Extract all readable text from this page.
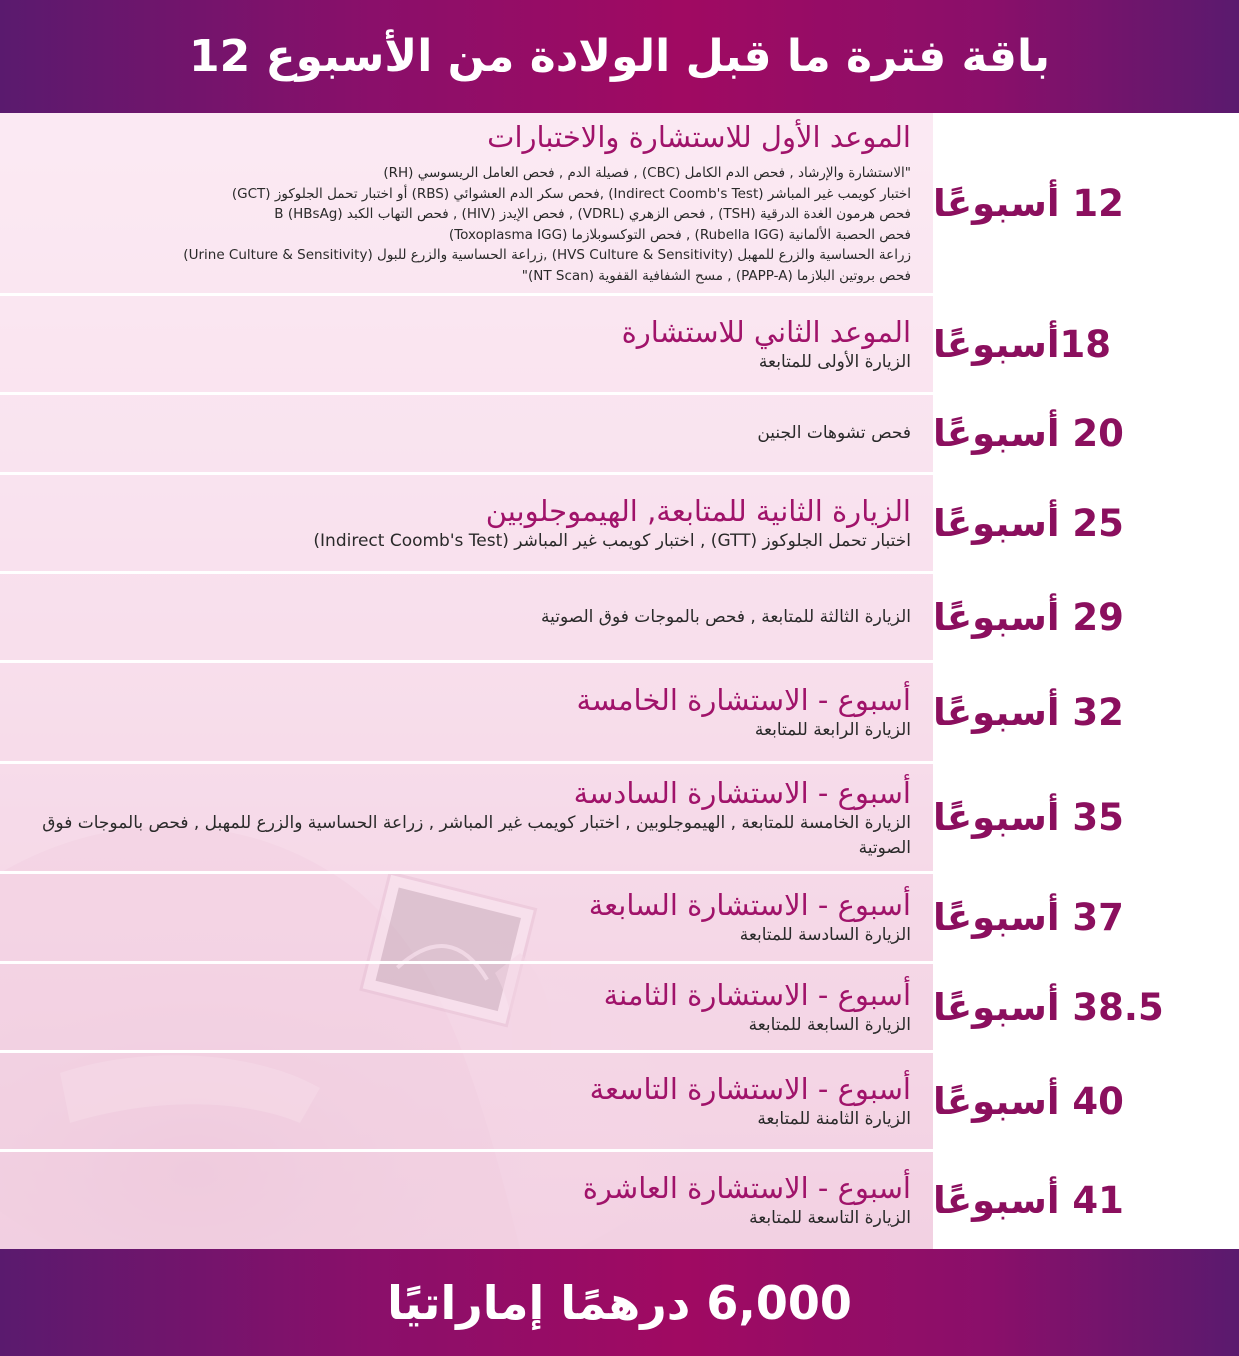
باقة فترة ما قبل الولادة من الأسبوع 12
الموعد الأول للاستشارة والاختبارات
"الاستشارة والإرشاد , فحص الدم الكامل (CBC) , فصيلة الدم , فحص العامل الريسوسي (RH)
اختبار كويمب غير المباشر (Indirect Coomb's Test) ,فحص سكر الدم العشوائي (RBS) أو اختبار تحمل الجلوكوز (GCT)
فحص هرمون الغدة الدرقية (TSH) , فحص الزهري (VDRL) , فحص الإيدز (HIV) , فحص التهاب الكبد B (HBsAg)
فحص الحصبة الألمانية (Rubella IGG) , فحص التوكسوبلازما (Toxoplasma IGG)
زراعة الحساسية والزرع للمهبل (HVS Culture & Sensitivity) ,زراعة الحساسية والزرع للبول (Urine Culture & Sensitivity)
فحص بروتين البلازما (PAPP-A) , مسح الشفافية القفوية (NT Scan)"
12 أسبوعًا
الموعد الثاني للاستشارة
الزيارة الأولى للمتابعة 18أسبوعًا
فحص تشوهات الجنين 20 أسبوعًا
الزيارة الثانية للمتابعة, الهيموجلوبين
اختبار تحمل الجلوكوز (GTT) , اختبار كويمب غير المباشر (Indirect Coomb's Test) 25 أسبوعًا
الزيارة الثالثة للمتابعة , فحص بالموجات فوق الصوتية 29 أسبوعًا
أسبوع - الاستشارة الخامسة
الزيارة الرابعة للمتابعة 32 أسبوعًا
أسبوع - الاستشارة السادسة
الزيارة الخامسة للمتابعة , الهيموجلوبين , اختبار كويمب غير المباشر , زراعة الحساسية والزرع للمهبل , فحص بالموجات فوق الصوتية
35 أسبوعًا
أسبوع - الاستشارة السابعة
الزيارة السادسة للمتابعة 37 أسبوعًا
أسبوع - الاستشارة الثامنة
الزيارة السابعة للمتابعة 38.5 أسبوعًا
أسبوع - الاستشارة التاسعة
الزيارة الثامنة للمتابعة 40 أسبوعًا
أسبوع - الاستشارة العاشرة
الزيارة التاسعة للمتابعة 41 أسبوعًا
6,000 درهمًا إماراتيًا
